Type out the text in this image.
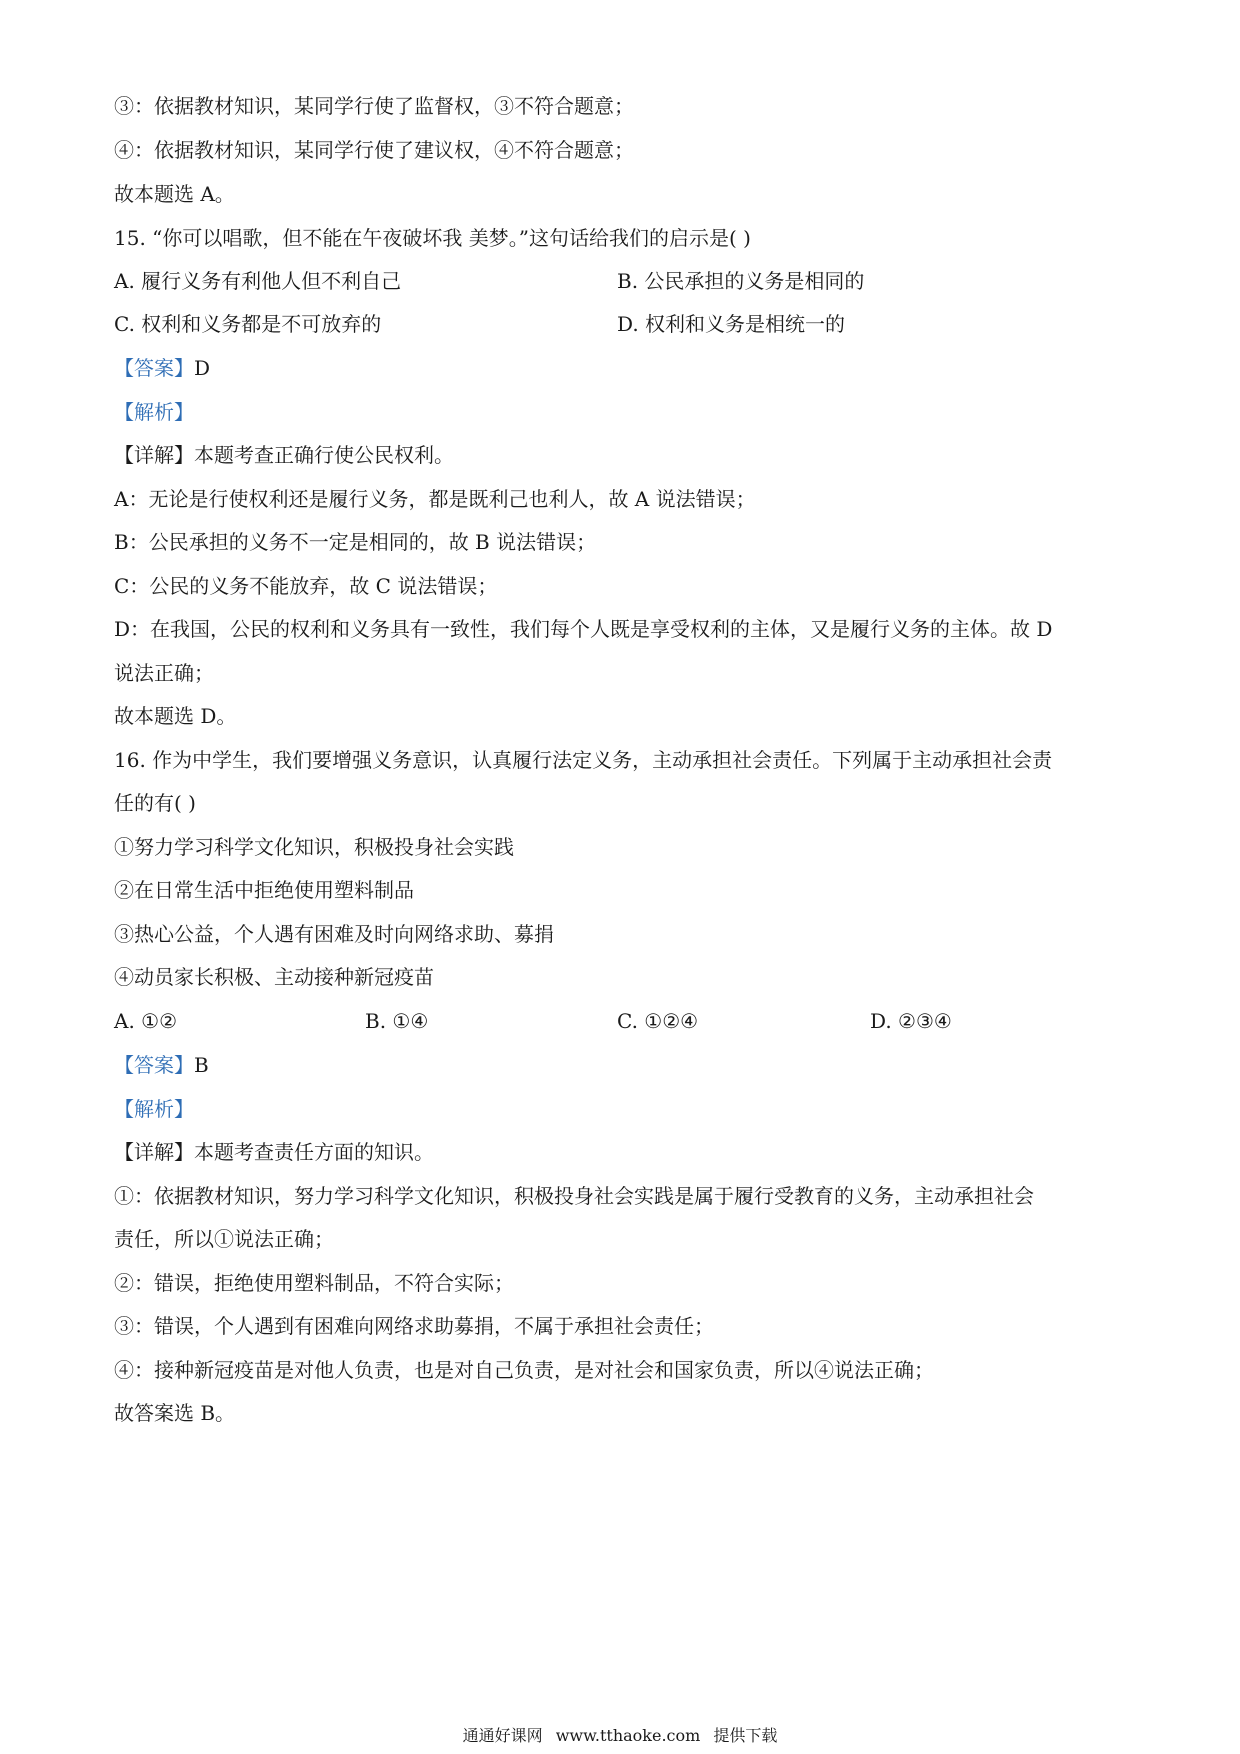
③：依据教材知识，某同学行使了监督权，③不符合题意；
④：依据教材知识，某同学行使了建议权，④不符合题意；
故本题选 A。
15. “你可以唱歌，但不能在午夜破坏我 美梦。”这句话给我们的启示是( )
A. 履行义务有利他人但不利自己	B. 公民承担的义务是相同的
C. 权利和义务都是不可放弃的	D. 权利和义务是相统一的
【答案】D
【解析】
【详解】本题考查正确行使公民权利。
A：无论是行使权利还是履行义务，都是既利己也利人，故 A 说法错误；
B：公民承担的义务不一定是相同的，故 B 说法错误；
C：公民的义务不能放弃，故 C 说法错误；
D：在我国，公民的权利和义务具有一致性，我们每个人既是享受权利的主体，又是履行义务的主体。故 D
说法正确；
故本题选 D。
16. 作为中学生，我们要增强义务意识，认真履行法定义务，主动承担社会责任。下列属于主动承担社会责
任的有( )
①努力学习科学文化知识，积极投身社会实践
②在日常生活中拒绝使用塑料制品
③热心公益，个人遇有困难及时向网络求助、募捐
④动员家长积极、主动接种新冠疫苗
A. ①②	B. ①④	C. ①②④	D. ②③④
【答案】B
【解析】
【详解】本题考查责任方面的知识。
①：依据教材知识，努力学习科学文化知识，积极投身社会实践是属于履行受教育的义务，主动承担社会
责任，所以①说法正确；
②：错误，拒绝使用塑料制品，不符合实际；
③：错误，个人遇到有困难向网络求助募捐，不属于承担社会责任；
④：接种新冠疫苗是对他人负责，也是对自己负责，是对社会和国家负责，所以④说法正确；
故答案选 B。
通通好课网 www.tthaoke.com 提供下载
